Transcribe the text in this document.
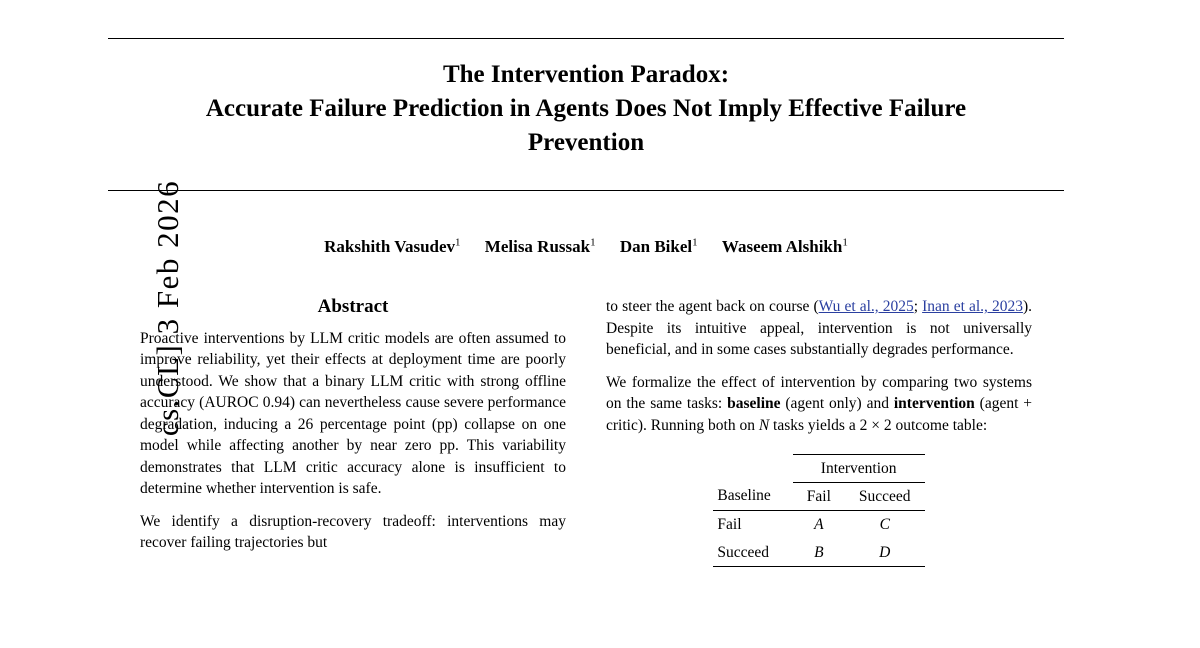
cs.CL] 3 Feb 2026
The Intervention Paradox:
Accurate Failure Prediction in Agents Does Not Imply Effective Failure
Prevention
Rakshith Vasudev$^1$ Melisa Russak$^1$ Dan Bikel$^1$ Waseem Alshikh$^1$
Abstract

Proactive interventions by LLM critic models are often assumed to improve reliability, yet their effects at deployment time are poorly understood. We show that a binary LLM critic with strong offline accuracy (AUROC 0.94) can nevertheless cause severe performance degradation, inducing a 26 percentage point (pp) collapse on one model while affecting another by near zero pp. This variability demonstrates that LLM critic accuracy alone is insufficient to determine whether intervention is safe.

We identify a disruption-recovery tradeoff: interventions may recover failing trajectories but

to steer the agent back on course (Wu et al., 2025; Inan et al., 2023). Despite its intuitive appeal, intervention is not universally beneficial, and in some cases substantially degrades performance.

We formalize the effect of intervention by comparing two systems on the same tasks: baseline (agent only) and intervention (agent + critic). Running both on N tasks yields a 2 × 2 outcome table:

	Intervention	
Baseline	Fail	Succeed
Fail	A	C
Succeed	B	D
